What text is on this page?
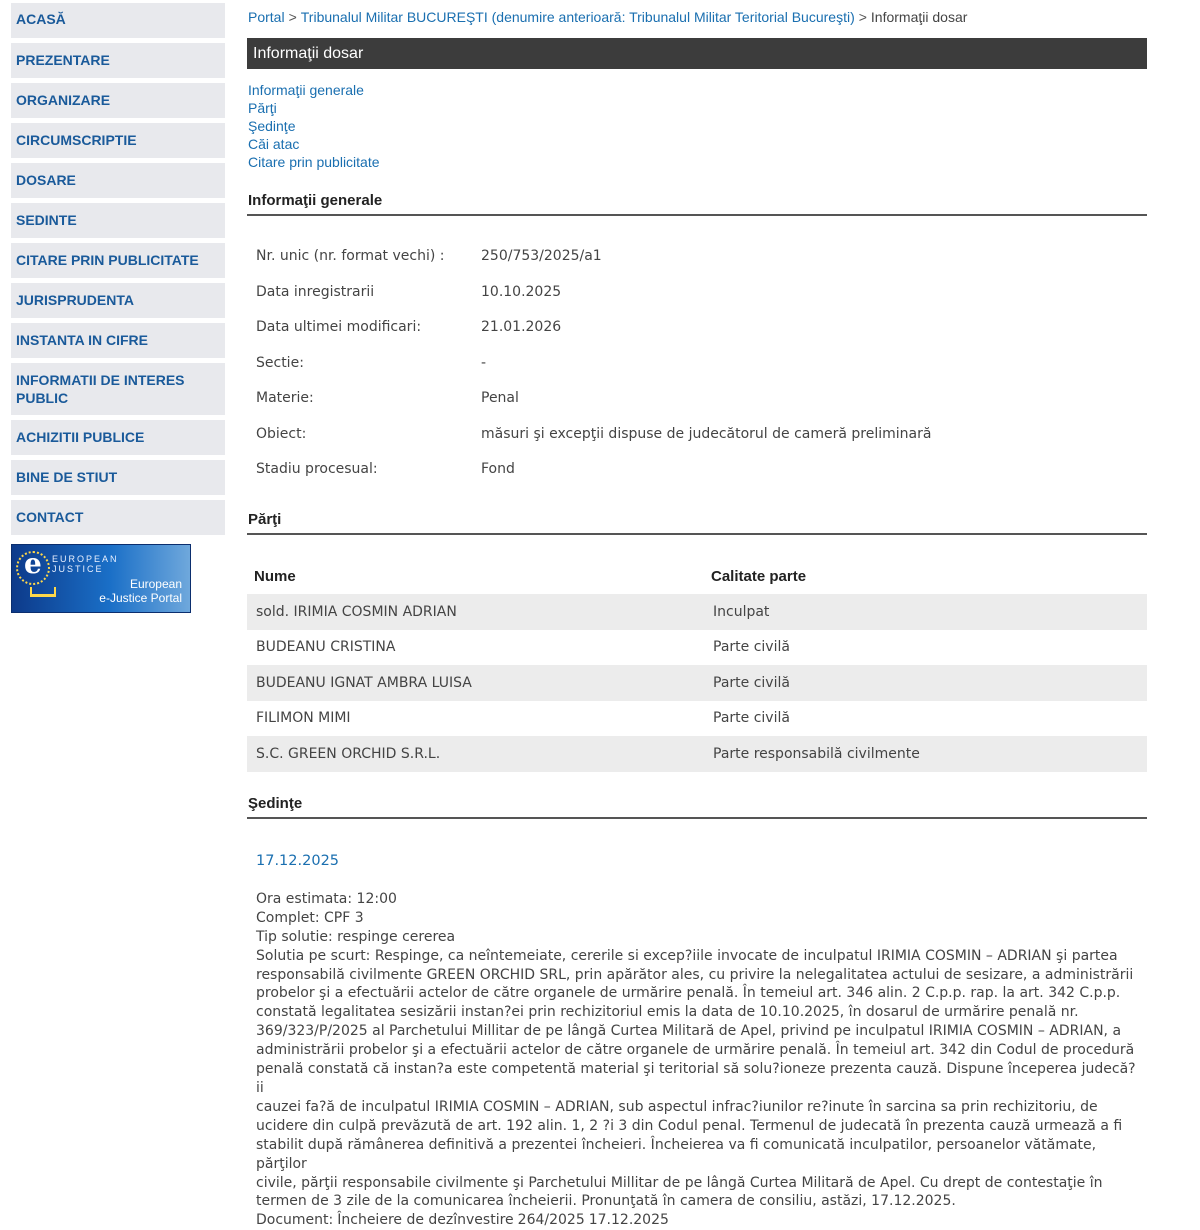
ACASĂ
PREZENTARE
ORGANIZARE
CIRCUMSCRIPTIE
DOSARE
SEDINTE
CITARE PRIN PUBLICITATE
JURISPRUDENTA
INSTANTA IN CIFRE
INFORMATII DE INTERES PUBLIC
ACHIZITII PUBLICE
BINE DE STIUT
CONTACT
e EUROPEAN JUSTICE
European
e-Justice Portal
Portal > Tribunalul Militar BUCUREŞTI (denumire anterioară: Tribunalul Militar Teritorial Bucureşti) > Informaţii dosar
Informaţii dosar
Informaţii generale
Părţi
Şedinţe
Căi atac
Citare prin publicitate
Informaţii generale
Nr. unic (nr. format vechi) :	250/753/2025/a1
Data inregistrarii	10.10.2025
Data ultimei modificari:	21.01.2026
Sectie:	-
Materie:	Penal
Obiect:	măsuri şi excepţii dispuse de judecătorul de cameră preliminară
Stadiu procesual:	Fond
Părţi
Nume	Calitate parte
sold. IRIMIA COSMIN ADRIAN	Inculpat
BUDEANU CRISTINA	Parte civilă
BUDEANU IGNAT AMBRA LUISA	Parte civilă
FILIMON MIMI	Parte civilă
S.C. GREEN ORCHID S.R.L.	Parte responsabilă civilmente
Şedinţe
17.12.2025
Ora estimata: 12:00
Complet: CPF 3
Tip solutie: respinge cererea
Solutia pe scurt: Respinge, ca neîntemeiate, cererile si excep?iile invocate de inculpatul IRIMIA COSMIN – ADRIAN şi partea
responsabilă civilmente GREEN ORCHID SRL, prin apărător ales, cu privire la nelegalitatea actului de sesizare, a administrării
probelor şi a efectuării actelor de către organele de urmărire penală. În temeiul art. 346 alin. 2 C.p.p. rap. la art. 342 C.p.p.
constată legalitatea sesizării instan?ei prin rechizitoriul emis la data de 10.10.2025, în dosarul de urmărire penală nr.
369/323/P/2025 al Parchetului Millitar de pe lângă Curtea Militară de Apel, privind pe inculpatul IRIMIA COSMIN – ADRIAN, a
administrării probelor şi a efectuării actelor de către organele de urmărire penală. În temeiul art. 342 din Codul de procedură
penală constată că instan?a este competentă material şi teritorial să solu?ioneze prezenta cauză. Dispune începerea judecă?ii
cauzei fa?ă de inculpatul IRIMIA COSMIN – ADRIAN, sub aspectul infrac?iunilor re?inute în sarcina sa prin rechizitoriu, de
ucidere din culpă prevăzută de art. 192 alin. 1, 2 ?i 3 din Codul penal. Termenul de judecată în prezenta cauză urmează a fi
stabilit după rămânerea definitivă a prezentei încheieri. Încheierea va fi comunicată inculpatilor, persoanelor vătămate, părţilor
civile, părţii responsabile civilmente şi Parchetului Millitar de pe lângă Curtea Militară de Apel. Cu drept de contestaţie în
termen de 3 zile de la comunicarea încheierii. Pronunţată în camera de consiliu, astăzi, 17.12.2025.
Document: Încheiere de dezînvestire 264/2025 17.12.2025
